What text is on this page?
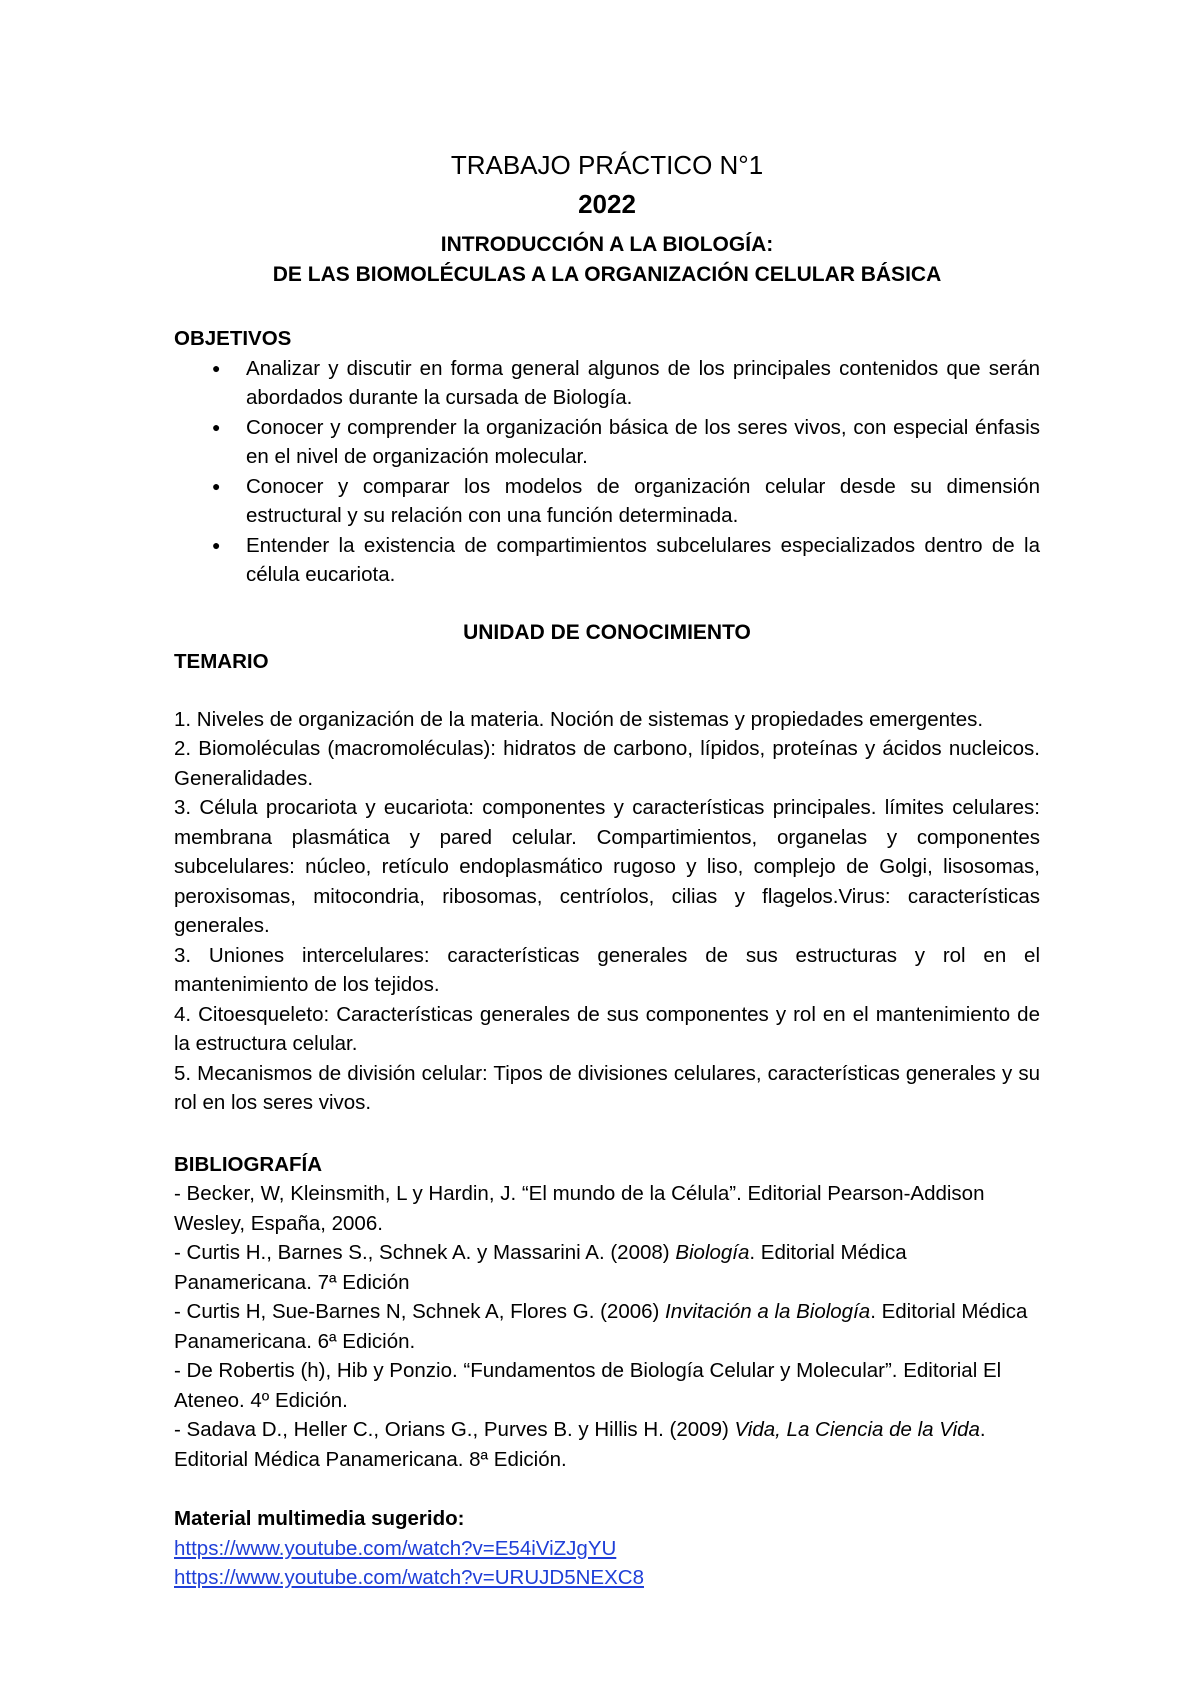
TRABAJO PRÁCTICO N°1
2022
INTRODUCCIÓN A LA BIOLOGÍA:
DE LAS BIOMOLÉCULAS A LA ORGANIZACIÓN CELULAR BÁSICA
OBJETIVOS
● Analizar y discutir en forma general algunos de los principales contenidos que serán abordados durante la cursada de Biología.
● Conocer y comprender la organización básica de los seres vivos, con especial énfasis en el nivel de organización molecular.
● Conocer y comparar los modelos de organización celular desde su dimensión estructural y su relación con una función determinada.
● Entender la existencia de compartimientos subcelulares especializados dentro de la célula eucariota.
UNIDAD DE CONOCIMIENTO
TEMARIO
1. Niveles de organización de la materia. Noción de sistemas y propiedades emergentes.
2. Biomoléculas (macromoléculas): hidratos de carbono, lípidos, proteínas y ácidos nucleicos. Generalidades.
3. Célula procariota y eucariota: componentes y características principales. límites celulares: membrana plasmática y pared celular. Compartimientos, organelas y componentes subcelulares: núcleo, retículo endoplasmático rugoso y liso, complejo de Golgi, lisosomas, peroxisomas, mitocondria, ribosomas, centríolos, cilias y flagelos.Virus: características generales.
3. Uniones intercelulares: características generales de sus estructuras y rol en el mantenimiento de los tejidos.
4. Citoesqueleto: Características generales de sus componentes y rol en el mantenimiento de la estructura celular.
5. Mecanismos de división celular: Tipos de divisiones celulares, características generales y su rol en los seres vivos.
BIBLIOGRAFÍA
- Becker, W, Kleinsmith, L y Hardin, J. “El mundo de la Célula”. Editorial Pearson-Addison Wesley, España, 2006.
- Curtis H., Barnes S., Schnek A. y Massarini A. (2008) Biología. Editorial Médica Panamericana. 7ª Edición
- Curtis H, Sue-Barnes N, Schnek A, Flores G. (2006) Invitación a la Biología. Editorial Médica Panamericana. 6ª Edición.
- De Robertis (h), Hib y Ponzio. “Fundamentos de Biología Celular y Molecular”. Editorial El Ateneo. 4º Edición.
- Sadava D., Heller C., Orians G., Purves B. y Hillis H. (2009) Vida, La Ciencia de la Vida. Editorial Médica Panamericana. 8ª Edición.
Material multimedia sugerido:
https://www.youtube.com/watch?v=E54iViZJgYU
https://www.youtube.com/watch?v=URUJD5NEXC8
